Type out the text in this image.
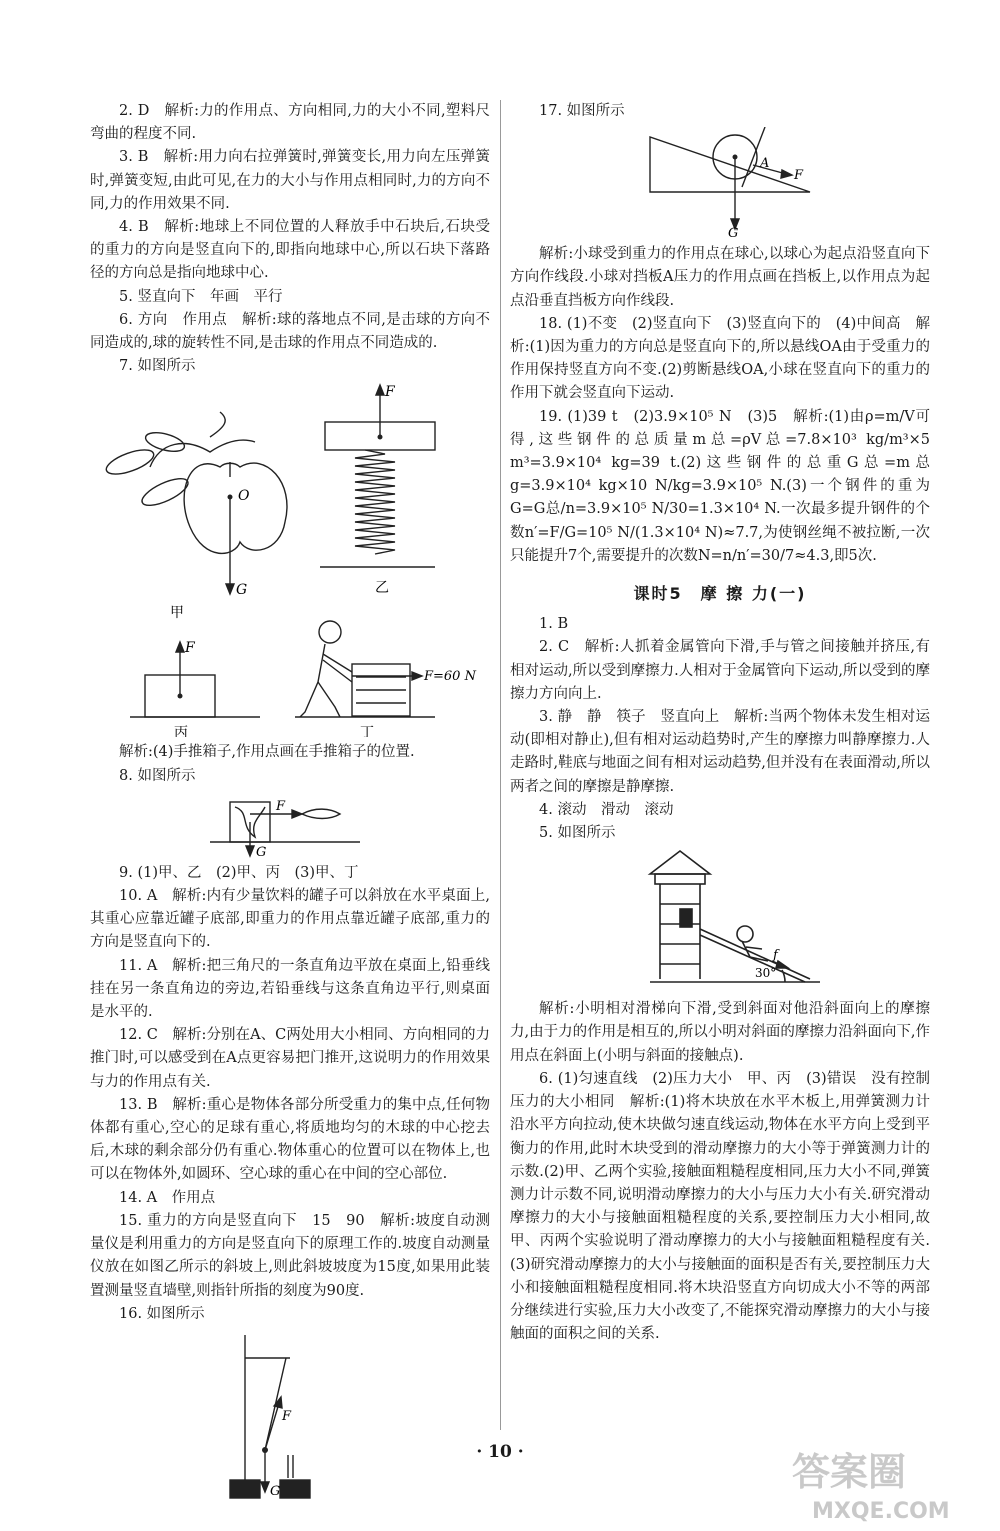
2. D　解析:力的作用点、方向相同,力的大小不同,塑料尺弯曲的程度不同.

3. B　解析:用力向右拉弹簧时,弹簧变长,用力向左压弹簧时,弹簧变短,由此可见,在力的大小与作用点相同时,力的方向不同,力的作用效果不同.

4. B　解析:地球上不同位置的人释放手中石块后,石块受的重力的方向是竖直向下的,即指向地球中心,所以石块下落路径的方向总是指向地球中心.

5. 竖直向下　年画　平行

6. 方向　作用点　解析:球的落地点不同,是击球的方向不同造成的,球的旋转性不同,是击球的作用点不同造成的.

7. 如图所示

O
G
甲
F
乙
F
丙
F=60 N
丁

解析:(4)手推箱子,作用点画在手推箱子的位置.

8. 如图所示

F
G

9. (1)甲、乙　(2)甲、丙　(3)甲、丁

10. A　解析:内有少量饮料的罐子可以斜放在水平桌面上,其重心应靠近罐子底部,即重力的作用点靠近罐子底部,重力的方向是竖直向下的.

11. A　解析:把三角尺的一条直角边平放在桌面上,铅垂线挂在另一条直角边的旁边,若铅垂线与这条直角边平行,则桌面是水平的.

12. C　解析:分别在A、C两处用大小相同、方向相同的力推门时,可以感受到在A点更容易把门推开,这说明力的作用效果与力的作用点有关.

13. B　解析:重心是物体各部分所受重力的集中点,任何物体都有重心,空心的足球有重心,将质地均匀的木球的中心挖去后,木球的剩余部分仍有重心.物体重心的位置可以在物体上,也可以在物体外,如圆环、空心球的重心在中间的空心部位.

14. A　作用点

15. 重力的方向是竖直向下　15　90　解析:坡度自动测量仪是利用重力的方向是竖直向下的原理工作的.坡度自动测量仪放在如图乙所示的斜坡上,则此斜坡坡度为15度,如果用此装置测量竖直墙壁,则指针所指的刻度为90度.

16. 如图所示

F
G

17. 如图所示

A
F
G

解析:小球受到重力的作用点在球心,以球心为起点沿竖直向下方向作线段.小球对挡板A压力的作用点画在挡板上,以作用点为起点沿垂直挡板方向作线段.

18. (1)不变　(2)竖直向下　(3)竖直向下的　(4)中间高　解析:(1)因为重力的方向总是竖直向下的,所以悬线OA由于受重力的作用保持竖直方向不变.(2)剪断悬线OA,小球在竖直向下的重力的作用下就会竖直向下运动.

19. (1)39 t　(2)3.9×10⁵ N　(3)5　解析:(1)由ρ=m/V可得,这些钢件的总质量m总=ρV总=7.8×10³ kg/m³×5 m³=3.9×10⁴ kg=39 t.(2)这些钢件的总重G总=m总g=3.9×10⁴ kg×10 N/kg=3.9×10⁵ N.(3)一个钢件的重为G=G总/n=3.9×10⁵ N/30=1.3×10⁴ N.一次最多提升钢件的个数n′=F/G=10⁵ N/(1.3×10⁴ N)≈7.7,为使钢丝绳不被拉断,一次只能提升7个,需要提升的次数N=n/n′=30/7≈4.3,即5次.

课时5　摩 擦 力(一)

1. B

2. C　解析:人抓着金属管向下滑,手与管之间接触并挤压,有相对运动,所以受到摩擦力.人相对于金属管向下运动,所以受到的摩擦力方向向上.

3. 静　静　筷子　竖直向上　解析:当两个物体未发生相对运动(即相对静止),但有相对运动趋势时,产生的摩擦力叫静摩擦力.人走路时,鞋底与地面之间有相对运动趋势,但并没有在表面滑动,所以两者之间的摩擦是静摩擦.

4. 滚动　滑动　滚动

5. 如图所示

f
30°

解析:小明相对滑梯向下滑,受到斜面对他沿斜面向上的摩擦力,由于力的作用是相互的,所以小明对斜面的摩擦力沿斜面向下,作用点在斜面上(小明与斜面的接触点).

6. (1)匀速直线　(2)压力大小　甲、丙　(3)错误　没有控制压力的大小相同　解析:(1)将木块放在水平木板上,用弹簧测力计沿水平方向拉动,使木块做匀速直线运动,物体在水平方向上受到平衡力的作用,此时木块受到的滑动摩擦力的大小等于弹簧测力计的示数.(2)甲、乙两个实验,接触面粗糙程度相同,压力大小不同,弹簧测力计示数不同,说明滑动摩擦力的大小与压力大小有关.研究滑动摩擦力的大小与接触面粗糙程度的关系,要控制压力大小相同,故甲、丙两个实验说明了滑动摩擦力的大小与接触面粗糙程度有关.(3)研究滑动摩擦力的大小与接触面的面积是否有关,要控制压力大小和接触面粗糙程度相同.将木块沿竖直方向切成大小不等的两部分继续进行实验,压力大小改变了,不能探究滑动摩擦力的大小与接触面的面积之间的关系.

· 10 ·	答案圈
MXQE.COM
